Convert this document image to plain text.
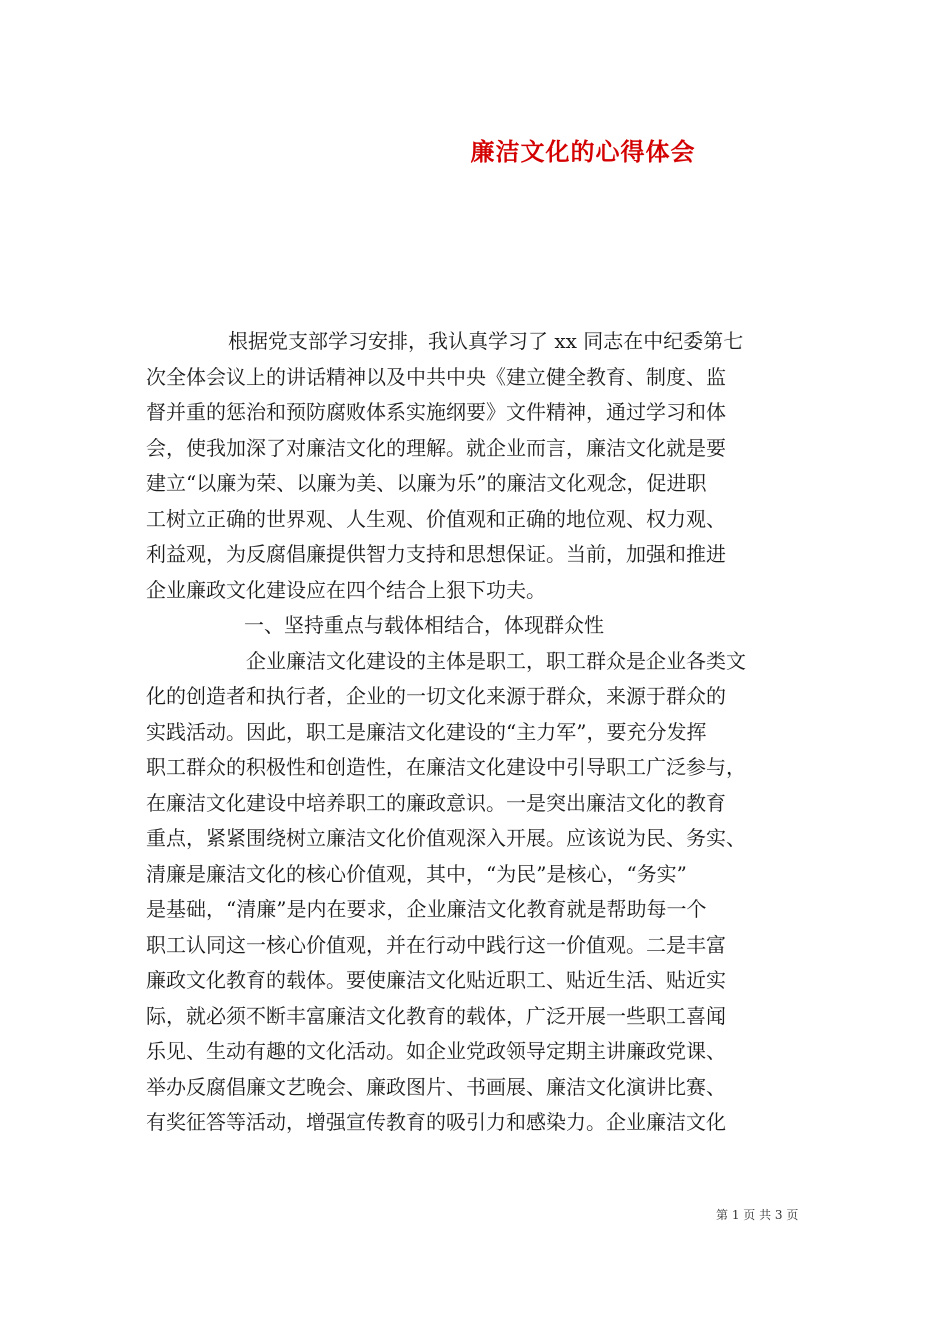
廉洁文化的心得体会
根据党支部学习安排，我认真学习了 xx 同志在中纪委第七
次全体会议上的讲话精神以及中共中央《建立健全教育、制度、监
督并重的惩治和预防腐败体系实施纲要》文件精神，通过学习和体
会，使我加深了对廉洁文化的理解。就企业而言，廉洁文化就是要
建立“以廉为荣、以廉为美、以廉为乐”的廉洁文化观念，促进职
工树立正确的世界观、人生观、价值观和正确的地位观、权力观、
利益观，为反腐倡廉提供智力支持和思想保证。当前，加强和推进
企业廉政文化建设应在四个结合上狠下功夫。
一、坚持重点与载体相结合，体现群众性
企业廉洁文化建设的主体是职工，职工群众是企业各类文
化的创造者和执行者，企业的一切文化来源于群众，来源于群众的
实践活动。因此，职工是廉洁文化建设的“主力军”，要充分发挥
职工群众的积极性和创造性，在廉洁文化建设中引导职工广泛参与，
在廉洁文化建设中培养职工的廉政意识。一是突出廉洁文化的教育
重点，紧紧围绕树立廉洁文化价值观深入开展。应该说为民、务实、
清廉是廉洁文化的核心价值观，其中，“为民”是核心，“务实”
是基础，“清廉”是内在要求，企业廉洁文化教育就是帮助每一个
职工认同这一核心价值观，并在行动中践行这一价值观。二是丰富
廉政文化教育的载体。要使廉洁文化贴近职工、贴近生活、贴近实
际，就必须不断丰富廉洁文化教育的载体，广泛开展一些职工喜闻
乐见、生动有趣的文化活动。如企业党政领导定期主讲廉政党课、
举办反腐倡廉文艺晚会、廉政图片、书画展、廉洁文化演讲比赛、
有奖征答等活动，增强宣传教育的吸引力和感染力。企业廉洁文化
第 1 页 共 3 页
